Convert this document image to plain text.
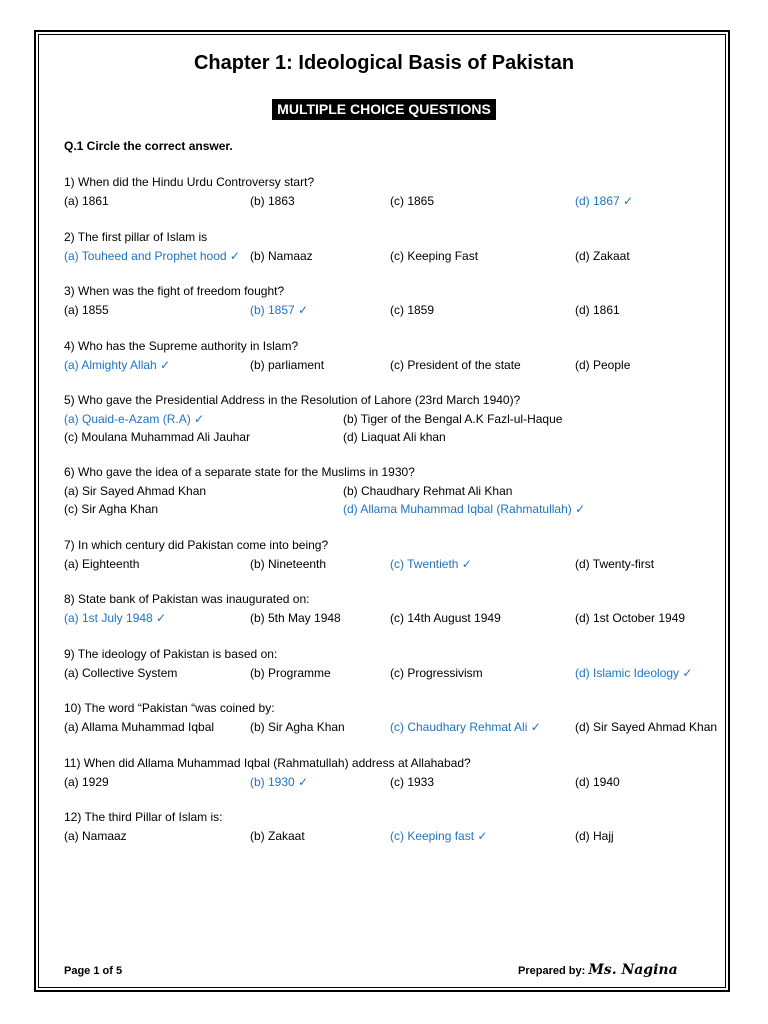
Chapter 1: Ideological Basis of Pakistan
MULTIPLE CHOICE QUESTIONS
Q.1 Circle the correct answer.
1) When did the Hindu Urdu Controversy start?
(a) 1861	(b) 1863	(c) 1865	(d) 1867 ✓
2) The first pillar of Islam is
(a) Touheed and Prophet hood ✓ (b) Namaaz	(c) Keeping Fast	(d) Zakaat
3) When was the fight of freedom fought?
(a) 1855	(b) 1857 ✓	(c) 1859	(d) 1861
4) Who has the Supreme authority in Islam?
(a) Almighty Allah ✓	(b) parliament	(c) President of the state	(d) People
5) Who gave the Presidential Address in the Resolution of Lahore (23rd March 1940)?
(a) Quaid-e-Azam (R.A) ✓	(b) Tiger of the Bengal A.K Fazl-ul-Haque
(c) Moulana Muhammad Ali Jauhar	(d) Liaquat Ali khan
6) Who gave the idea of a separate state for the Muslims in 1930?
(a) Sir Sayed Ahmad Khan	(b) Chaudhary Rehmat Ali Khan
(c) Sir Agha Khan	(d) Allama Muhammad Iqbal (Rahmatullah) ✓
7) In which century did Pakistan come into being?
(a) Eighteenth	(b) Nineteenth	(c) Twentieth ✓	(d) Twenty-first
8) State bank of Pakistan was inaugurated on:
(a) 1st July 1948 ✓	(b) 5th May 1948	(c) 14th August 1949	(d) 1st October 1949
9) The ideology of Pakistan is based on:
(a) Collective System	(b) Programme	(c) Progressivism	(d) Islamic Ideology ✓
10) The word “Pakistan “was coined by:
(a) Allama Muhammad Iqbal	(b) Sir Agha Khan	(c) Chaudhary Rehmat Ali ✓	(d) Sir Sayed Ahmad Khan
11) When did Allama Muhammad Iqbal (Rahmatullah) address at Allahabad?
(a) 1929	(b) 1930 ✓	(c) 1933	(d) 1940
12) The third Pillar of Islam is:
(a) Namaaz	(b) Zakaat	(c) Keeping fast ✓	(d) Hajj
Page 1 of 5	Prepared by: Ms. Nagina
